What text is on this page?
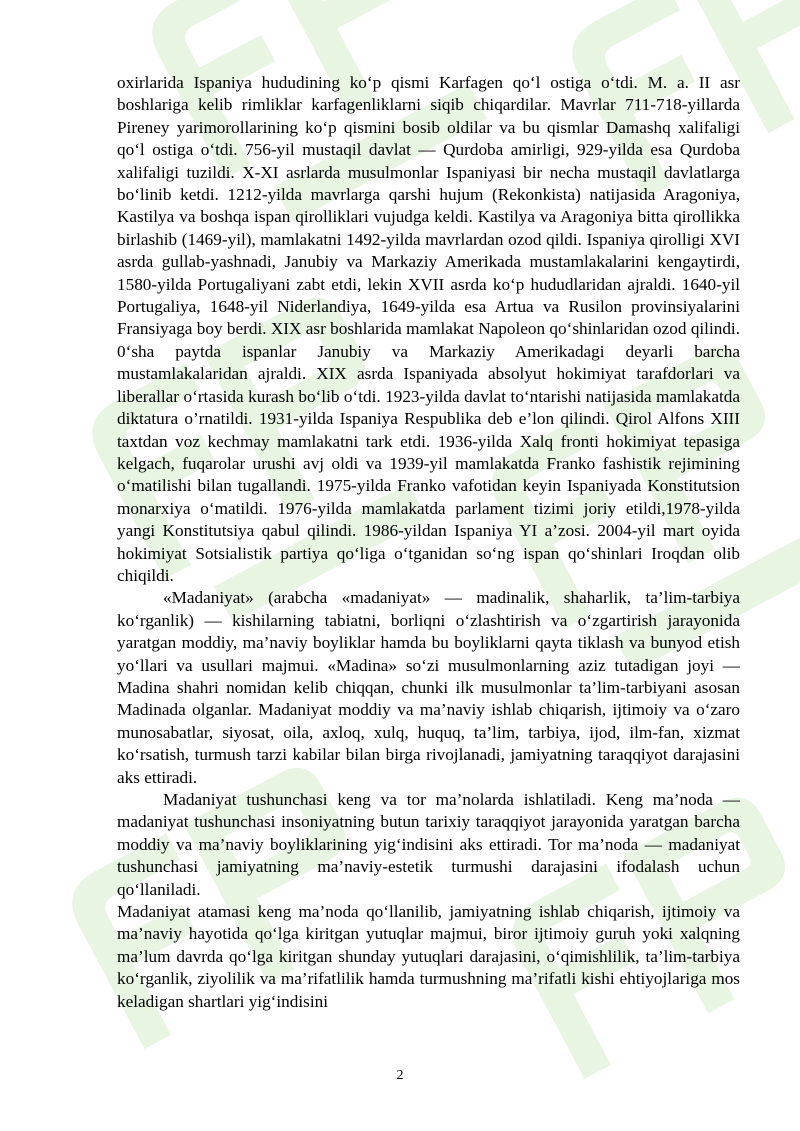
oxirlarida Ispaniya hududining ko‘p qismi Karfagen qo‘l ostiga o‘tdi. M. a. II asr boshlariga kelib rimliklar karfagenliklarni siqib chiqardilar. Mavrlar 711-718-yillarda Pireney yarimorollarining ko‘p qismini bosib oldilar va bu qismlar Damashq xalifaligi qo‘l ostiga o‘tdi. 756-yil mustaqil davlat — Qurdoba amirligi, 929-yilda esa Qurdoba xalifaligi tuzildi. X-XI asrlarda musulmonlar Ispaniyasi bir necha mustaqil davlatlarga bo‘linib ketdi. 1212-yilda mavrlarga qarshi hujum (Rekonkista) natijasida Aragoniya, Kastilya va boshqa ispan qirolliklari vujudga keldi. Kastilya va Aragoniya bitta qirollikka birlashib (1469-yil), mamlakatni 1492-yilda mavrlardan ozod qildi. Ispaniya qirolligi XVI asrda gullab-yashnadi, Janubiy va Markaziy Amerikada mustamlakalarini kengaytirdi, 1580-yilda Portugaliyani zabt etdi, lekin XVII asrda ko‘p hududlaridan ajraldi. 1640-yil Portugaliya, 1648-yil Niderlandiya, 1649-yilda esa Artua va Rusilon provinsiyalarini Fransiyaga boy berdi. XIX asr boshlarida mamlakat Napoleon qo‘shinlaridan ozod qilindi. 0‘sha paytda ispanlar Janubiy va Markaziy Amerikadagi deyarli barcha mustamlakalaridan ajraldi. XIX asrda Ispaniyada absolyut hokimiyat tarafdorlari va liberallar o‘rtasida kurash bo‘lib o‘tdi. 1923-yilda davlat to‘ntarishi natijasida mamlakatda diktatura o’rnatildi. 1931-yilda Ispaniya Respublika deb e’lon qilindi. Qirol Alfons XIII taxtdan voz kechmay mamlakatni tark etdi. 1936-yilda Xalq fronti hokimiyat tepasiga kelgach, fuqarolar urushi avj oldi va 1939-yil mamlakatda Franko fashistik rejimining o‘matilishi bilan tugallandi. 1975-yilda Franko vafotidan keyin Ispaniyada Konstitutsion monarxiya o‘matildi. 1976-yilda mamlakatda parlament tizimi joriy etildi,1978-yilda yangi Konstitutsiya qabul qilindi. 1986-yildan Ispaniya YI a’zosi. 2004-yil mart oyida hokimiyat Sotsialistik partiya qo‘liga o‘tganidan so‘ng ispan qo‘shinlari Iroqdan olib chiqildi.

«Madaniyat» (arabcha «madaniyat» — madinalik, shaharlik, ta’lim-tarbiya ko‘rganlik) — kishilarning tabiatni, borliqni o‘zlashtirish va o‘zgartirish jarayonida yaratgan moddiy, ma’naviy boyliklar hamda bu boyliklarni qayta tiklash va bunyod etish yo‘llari va usullari majmui. «Madina» so‘zi musulmonlarning aziz tutadigan joyi — Madina shahri nomidan kelib chiqqan, chunki ilk musulmonlar ta’lim-tarbiyani asosan Madinada olganlar. Madaniyat moddiy va ma’naviy ishlab chiqarish, ijtimoiy va o‘zaro munosabatlar, siyosat, oila, axloq, xulq, huquq, ta’lim, tarbiya, ijod, ilm-fan, xizmat ko‘rsatish, turmush tarzi kabilar bilan birga rivojlanadi, jamiyatning taraqqiyot darajasini aks ettiradi.

Madaniyat tushunchasi keng va tor ma’nolarda ishlatiladi. Keng ma’noda — madaniyat tushunchasi insoniyatning butun tarixiy taraqqiyot jarayonida yaratgan barcha moddiy va ma’naviy boyliklarining yig‘indisini aks ettiradi. Tor ma’noda — madaniyat tushunchasi jamiyatning ma’naviy-estetik turmushi darajasini ifodalash uchun qo‘llaniladi.

Madaniyat atamasi keng ma’noda qo‘llanilib, jamiyatning ishlab chiqarish, ijtimoiy va ma’naviy hayotida qo‘lga kiritgan yutuqlar majmui, biror ijtimoiy guruh yoki xalqning ma’lum davrda qo‘lga kiritgan shunday yutuqlari darajasini, o‘qimishlilik, ta’lim-tarbiya ko‘rganlik, ziyolilik va ma’rifatlilik hamda turmushning ma’rifatli kishi ehtiyojlariga mos keladigan shartlari yig‘indisini

2
